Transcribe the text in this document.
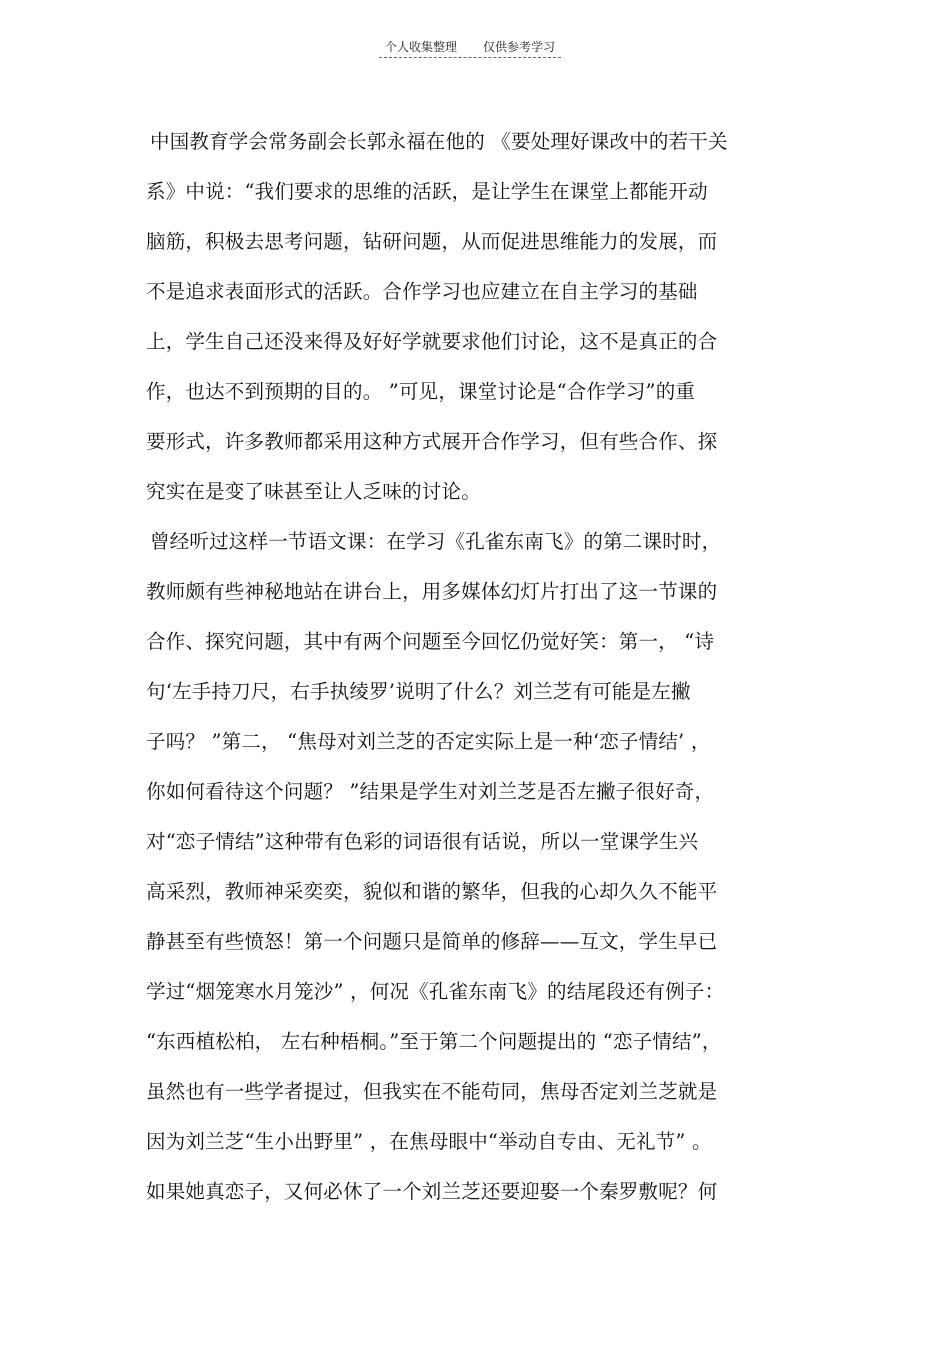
个人收集整理 仅供参考学习
中国教育学会常务副会长郭永福在他的 《要处理好课改中的若干关
系》中说：“我们要求的思维的活跃，是让学生在课堂上都能开动
脑筋，积极去思考问题，钻研问题，从而促进思维能力的发展，而
不是追求表面形式的活跃。合作学习也应建立在自主学习的基础
上，学生自己还没来得及好好学就要求他们讨论，这不是真正的合
作，也达不到预期的目的。 ”可见，课堂讨论是“合作学习”的重
要形式，许多教师都采用这种方式展开合作学习，但有些合作、探
究实在是变了味甚至让人乏味的讨论。
曾经听过这样一节语文课：在学习《孔雀东南飞》的第二课时时，
教师颇有些神秘地站在讲台上，用多媒体幻灯片打出了这一节课的
合作、探究问题，其中有两个问题至今回忆仍觉好笑：第一， “诗
句‘左手持刀尺，右手执绫罗’说明了什么？刘兰芝有可能是左撇
子吗？ ”第二， “焦母对刘兰芝的否定实际上是一种‘恋子情结’ ，
你如何看待这个问题？ ”结果是学生对刘兰芝是否左撇子很好奇，
对“恋子情结”这种带有色彩的词语很有话说，所以一堂课学生兴
高采烈，教师神采奕奕，貌似和谐的繁华，但我的心却久久不能平
静甚至有些愤怒！第一个问题只是简单的修辞——互文，学生早已
学过“烟笼寒水月笼沙” ，何况《孔雀东南飞》的结尾段还有例子：
“东西植松柏， 左右种梧桐。”至于第二个问题提出的 “恋子情结”，
虽然也有一些学者提过，但我实在不能苟同，焦母否定刘兰芝就是
因为刘兰芝“生小出野里” ，在焦母眼中“举动自专由、无礼节” 。
如果她真恋子，又何必休了一个刘兰芝还要迎娶一个秦罗敷呢？何
